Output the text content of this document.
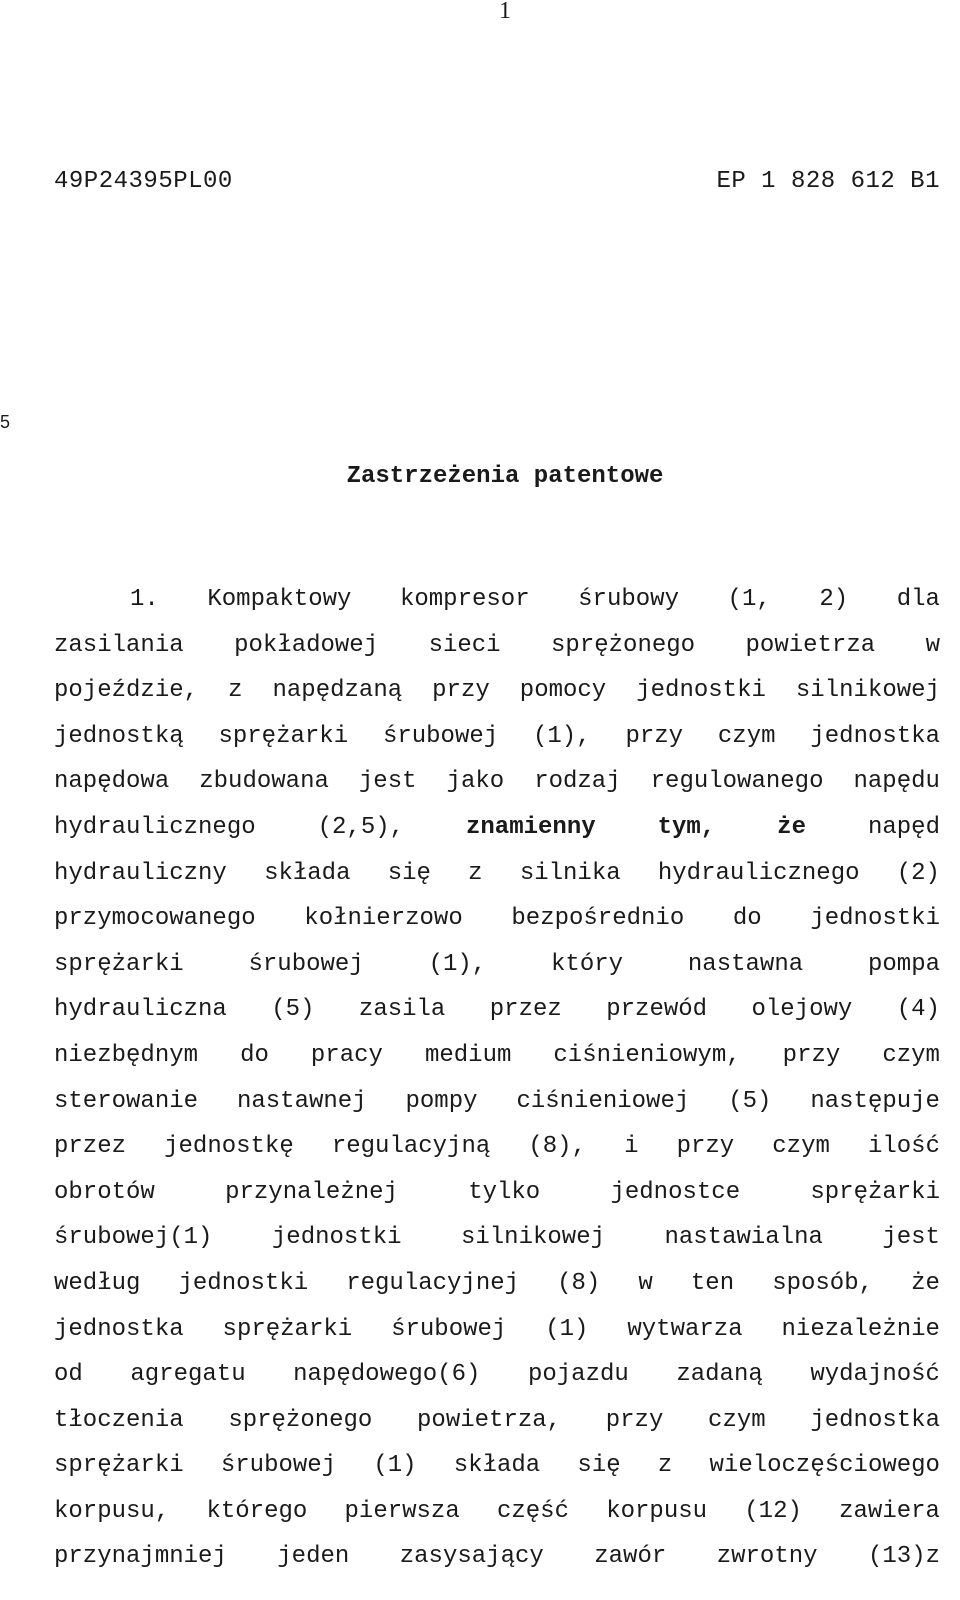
1
49P24395PL00	EP 1 828 612 B1
5
Zastrzeżenia patentowe
1. Kompaktowy kompresor śrubowy (1, 2) dla
zasilania pokładowej sieci sprężonego powietrza w
pojeździe, z napędzaną przy pomocy jednostki silnikowej
jednostką sprężarki śrubowej (1), przy czym jednostka
napędowa zbudowana jest jako rodzaj regulowanego napędu
hydraulicznego	(2,5),	znamienny	tym,	że	napęd
hydrauliczny składa się z silnika hydraulicznego (2)
przymocowanego kołnierzowo bezpośrednio do jednostki
sprężarki	śrubowej	(1),	który	nastawna	pompa
hydrauliczna (5) zasila przez przewód olejowy (4)
niezbędnym do pracy medium ciśnieniowym, przy czym
sterowanie nastawnej pompy ciśnieniowej (5) następuje
przez jednostkę regulacyjną (8), i przy czym ilość
obrotów	przynależnej	tylko	jednostce	sprężarki
śrubowej(1) jednostki silnikowej nastawialna jest
według jednostki regulacyjnej (8) w ten sposób, że
jednostka sprężarki śrubowej (1) wytwarza niezależnie
od agregatu napędowego(6) pojazdu zadaną wydajność
tłoczenia sprężonego powietrza, przy czym jednostka
sprężarki śrubowej (1) składa się z wieloczęściowego
korpusu, którego pierwsza część korpusu (12) zawiera
przynajmniej jeden zasysający zawór zwrotny (13)z
